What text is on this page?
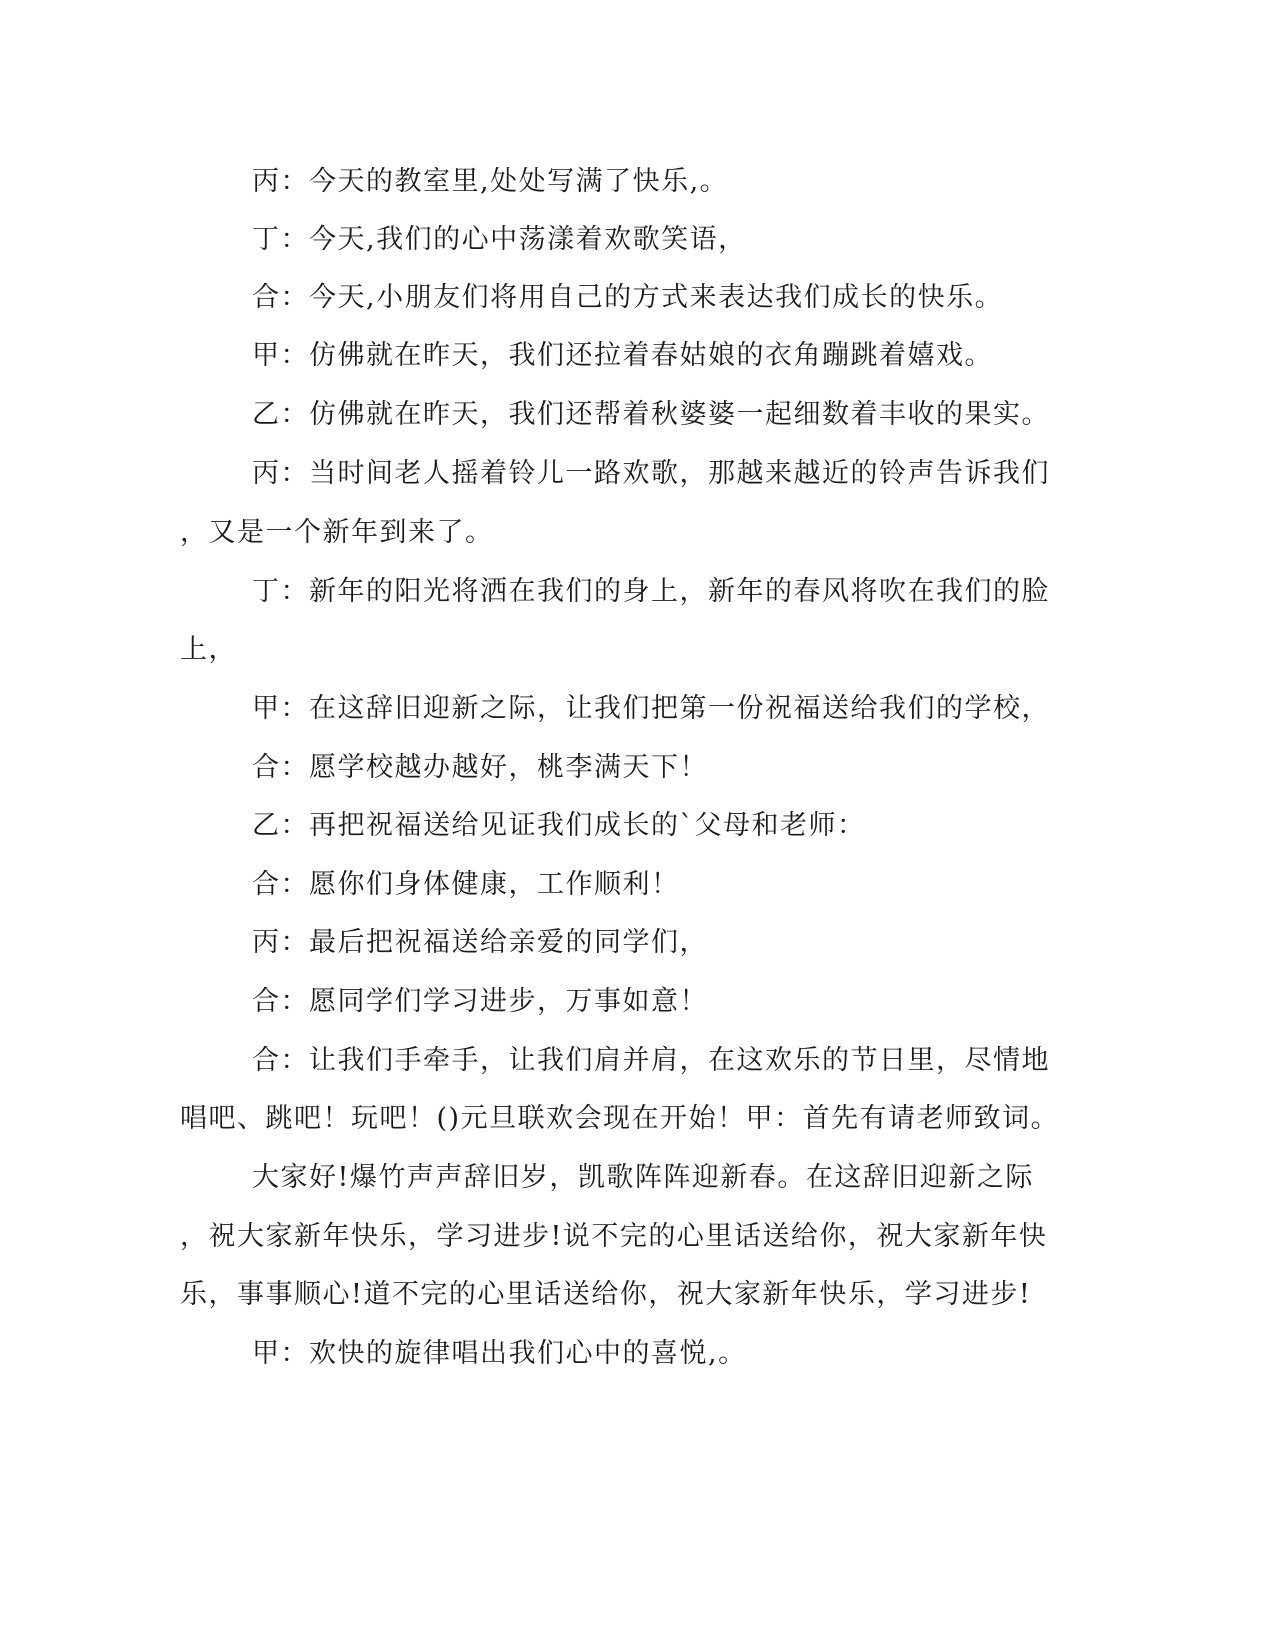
丙：今天的教室里,处处写满了快乐,。
丁：今天,我们的心中荡漾着欢歌笑语，
合：今天,小朋友们将用自己的方式来表达我们成长的快乐。
甲：仿佛就在昨天，我们还拉着春姑娘的衣角蹦跳着嬉戏。
乙：仿佛就在昨天，我们还帮着秋婆婆一起细数着丰收的果实。
丙：当时间老人摇着铃儿一路欢歌，那越来越近的铃声告诉我们
，又是一个新年到来了。
丁：新年的阳光将洒在我们的身上，新年的春风将吹在我们的脸
上，
甲：在这辞旧迎新之际，让我们把第一份祝福送给我们的学校，
合：愿学校越办越好，桃李满天下！
乙：再把祝福送给见证我们成长的`父母和老师：
合：愿你们身体健康，工作顺利！
丙：最后把祝福送给亲爱的同学们，
合：愿同学们学习进步，万事如意！
合：让我们手牵手，让我们肩并肩，在这欢乐的节日里，尽情地
唱吧、跳吧！玩吧！()元旦联欢会现在开始！甲：首先有请老师致词。
大家好!爆竹声声辞旧岁，凯歌阵阵迎新春。在这辞旧迎新之际
，祝大家新年快乐，学习进步!说不完的心里话送给你，祝大家新年快
乐，事事顺心!道不完的心里话送给你，祝大家新年快乐，学习进步!
甲：欢快的旋律唱出我们心中的喜悦,。
